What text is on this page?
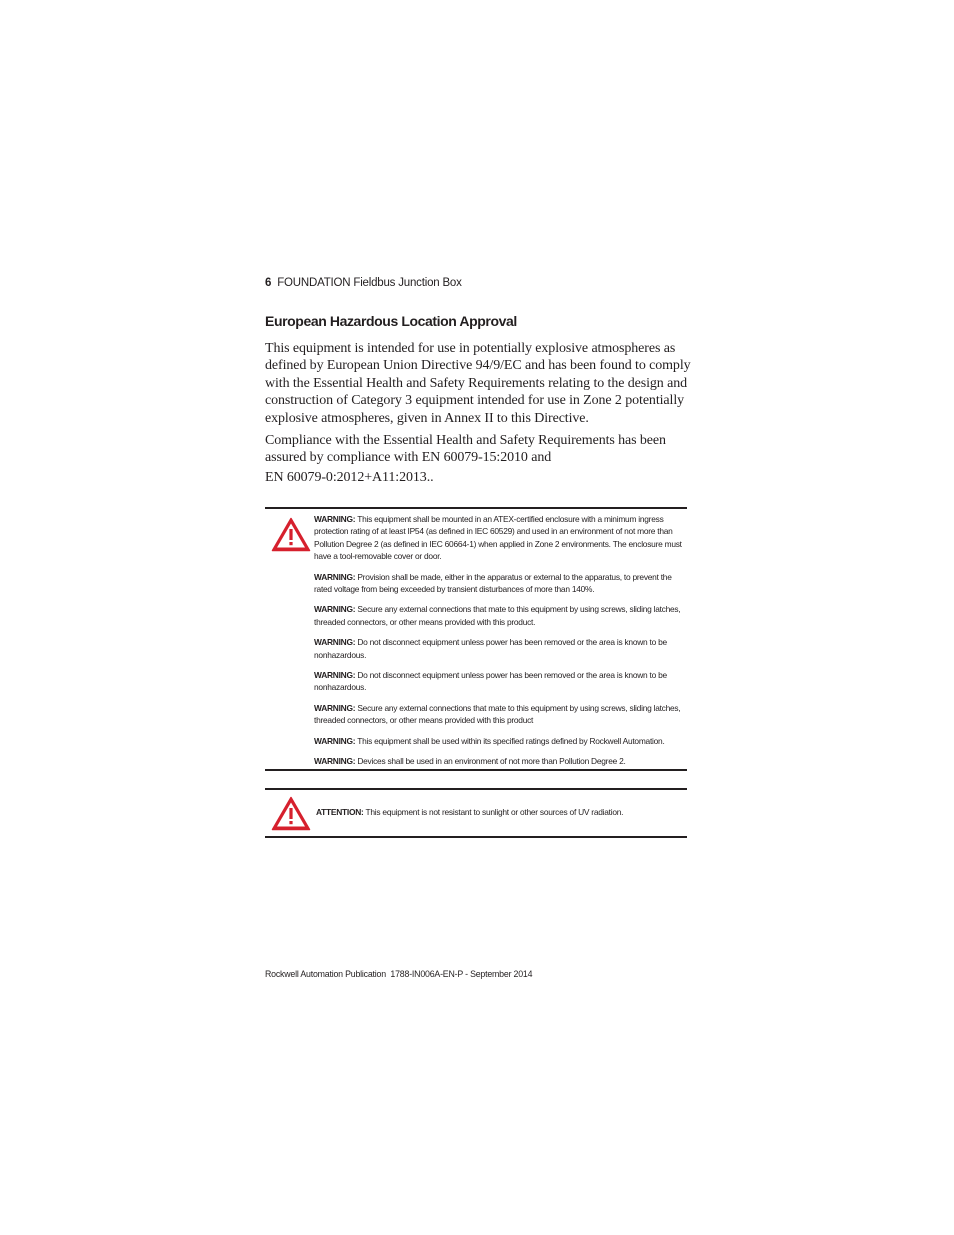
6 FOUNDATION Fieldbus Junction Box
European Hazardous Location Approval

This equipment is intended for use in potentially explosive atmospheres as defined by European Union Directive 94/9/EC and has been found to comply with the Essential Health and Safety Requirements relating to the design and construction of Category 3 equipment intended for use in Zone 2 potentially explosive atmospheres, given in Annex II to this Directive.

Compliance with the Essential Health and Safety Requirements has been assured by compliance with EN 60079-15:2010 and

EN 60079-0:2012+A11:2013..

WARNING: This equipment shall be mounted in an ATEX-certified enclosure with a minimum ingress protection rating of at least IP54 (as defined in IEC 60529) and used in an environment of not more than Pollution Degree 2 (as defined in IEC 60664-1) when applied in Zone 2 environments. The enclosure must have a tool-removable cover or door.

WARNING: Provision shall be made, either in the apparatus or external to the apparatus, to prevent the rated voltage from being exceeded by transient disturbances of more than 140%.

WARNING: Secure any external connections that mate to this equipment by using screws, sliding latches, threaded connectors, or other means provided with this product.

WARNING: Do not disconnect equipment unless power has been removed or the area is known to be nonhazardous.

WARNING: Do not disconnect equipment unless power has been removed or the area is known to be nonhazardous.

WARNING: Secure any external connections that mate to this equipment by using screws, sliding latches, threaded connectors, or other means provided with this product

WARNING: This equipment shall be used within its specified ratings defined by Rockwell Automation.

WARNING: Devices shall be used in an environment of not more than Pollution Degree 2.

ATTENTION: This equipment is not resistant to sunlight or other sources of UV radiation.

Rockwell Automation Publication  1788-IN006A-EN-P - September 2014
